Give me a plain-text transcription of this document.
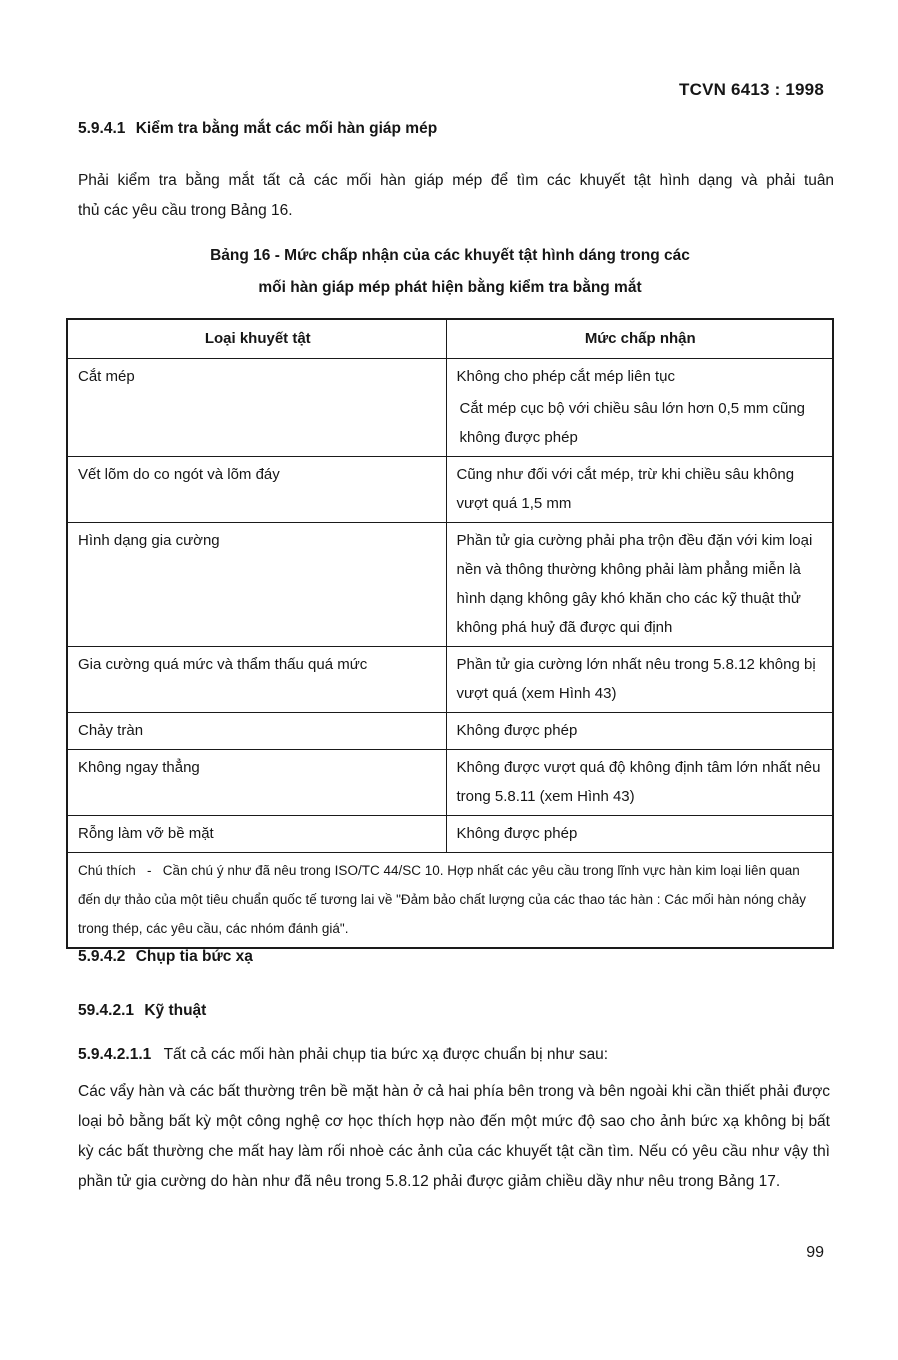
TCVN 6413 : 1998
5.9.4.1 Kiểm tra bằng mắt các mối hàn giáp mép
Phải kiểm tra bằng mắt tất cả các mối hàn giáp mép để tìm các khuyết tật hình dạng và phải tuân
thủ các yêu cầu trong Bảng 16.
Bảng 16 - Mức chấp nhận của các khuyết tật hình dáng trong các
mối hàn giáp mép phát hiện bằng kiểm tra bằng mắt
Loại khuyết tật	Mức chấp nhận
Cắt mép	Không cho phép cắt mép liên tục
Cắt mép cục bộ với chiều sâu lớn hơn 0,5 mm cũng không được phép

Vết lõm do co ngót và lõm đáy	Cũng như đối với cắt mép, trừ khi chiều sâu không vượt quá 1,5 mm
Hình dạng gia cường	Phần tử gia cường phải pha trộn đều đặn với kim loại nền và thông thường không phải làm phẳng miễn là hình dạng không gây khó khăn cho các kỹ thuật thử không phá huỷ đã được qui định
Gia cường quá mức và thẩm thấu quá mức	Phần tử gia cường lớn nhất nêu trong 5.8.12 không bị vượt quá (xem Hình 43)
Chảy tràn	Không được phép
Không ngay thẳng	Không được vượt quá độ không định tâm lớn nhất nêu trong 5.8.11 (xem Hình 43)
Rỗng làm vỡ bề mặt	Không được phép
Chú thích   -   Cần chú ý như đã nêu trong ISO/TC 44/SC 10. Hợp nhất các yêu cầu trong lĩnh vực hàn kim loại liên quan đến dự thảo của một tiêu chuẩn quốc tế tương lai về "Đảm bảo chất lượng của các thao tác hàn : Các mối hàn nóng chảy trong thép, các yêu cầu, các nhóm đánh giá".	
5.9.4.2 Chụp tia bức xạ
59.4.2.1 Kỹ thuật
5.9.4.2.1.1 Tất cả các mối hàn phải chụp tia bức xạ được chuẩn bị như sau:
Các vẩy hàn và các bất thường trên bề mặt hàn ở cả hai phía bên trong và bên ngoài khi cần thiết phải được loại bỏ bằng bất kỳ một công nghệ cơ học thích hợp nào đến một mức độ sao cho ảnh bức xạ không bị bất kỳ các bất thường che mất hay làm rối nhoè các ảnh của các khuyết tật cần tìm. Nếu có yêu cầu như vậy thì phần tử gia cường do hàn như đã nêu trong 5.8.12 phải được giảm chiều dầy như nêu trong Bảng 17.
99
